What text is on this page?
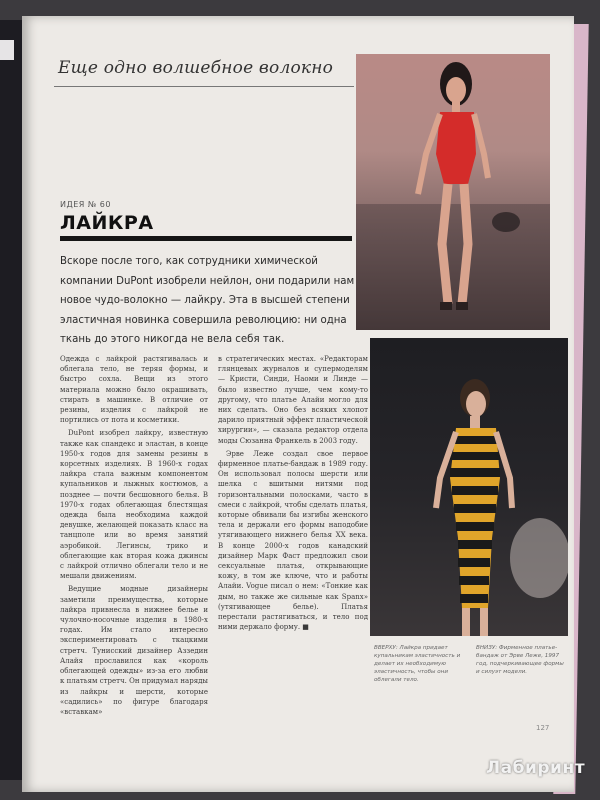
Еще одно волшебное волокно
ИДЕЯ № 60
ЛАЙКРА

Вскоре после того, как сотрудники химической компании DuPont изобрели нейлон, они подарили нам новое чудо-волокно — лайкру. Эта в высшей степени эластичная новинка совершила революцию: ни одна ткань до этого никогда не вела себя так.

Одежда с лайкрой растягивалась и облегала тело, не теряя формы, и быстро сохла. Вещи из этого материала можно было окрашивать, стирать в машинке. В отличие от резины, изделия с лайкрой не портились от пота и косметики.

DuPont изобрел лайкру, известную также как спандекс и эластан, в конце 1950-х годов для замены резины в корсетных изделиях. В 1960-х годах лайкра стала важным компонентом купальников и лыжных костюмов, а позднее — почти бесшовного белья. В 1970-х годах облегающая блестящая одежда была необходима каждой девушке, желающей показать класс на танцполе или во время занятий аэробикой. Легинсы, трико и облегающие как вторая кожа джинсы с лайкрой отлично облегали тело и не мешали движениям.

Ведущие модные дизайнеры заметили преимущества, которые лайкра привнесла в нижнее белье и чулочно-носочные изделия в 1980-х годах. Им стало интересно экспериментировать с ткацкими стретч. Тунисский дизайнер Аззедин Алайя прославился как «король облегающей одежды» из-за его любви к платьям стретч. Он придумал наряды из лайкры и шерсти, которые «садились» по фигуре благодаря «вставкам»

в стратегических местах. «Редакторам глянцевых журналов и супермоделям — Кристи, Синди, Наоми и Линде — было известно лучше, чем кому-то другому, что платье Алайи могло для них сделать. Оно без всяких хлопот дарило приятный эффект пластической хирургии», — сказала редактор отдела моды Сюзанна Франкель в 2003 году.

Эрве Леже создал свое первое фирменное платье-бандаж в 1989 году. Он использовал полосы шерсти или шелка с вшитыми нитями под горизонтальными полосками, часто в смеси с лайкрой, чтобы сделать платья, которые обвивали бы изгибы женского тела и держали его формы наподобие утягивающего нижнего белья XX века. В конце 2000-х годов канадский дизайнер Марк Фаст предложил свои сексуальные платья, открывающие кожу, в том же ключе, что и работы Алайи. Vogue писал о нем: «Тонкие как дым, но также же сильные как Spanx» (утягивающее белье). Платья перестали растягиваться, и тело под ними держало форму. ■

ВВЕРХУ: Лайкра придает купальникам эластичность и делает их необходимую эластичность, чтобы они облегали тело.

ВНИЗУ: Фирменное платье-бандаж от Эрве Леже, 1997 год, подчеркивающее формы и силуэт модели.

127
Лабиринт
